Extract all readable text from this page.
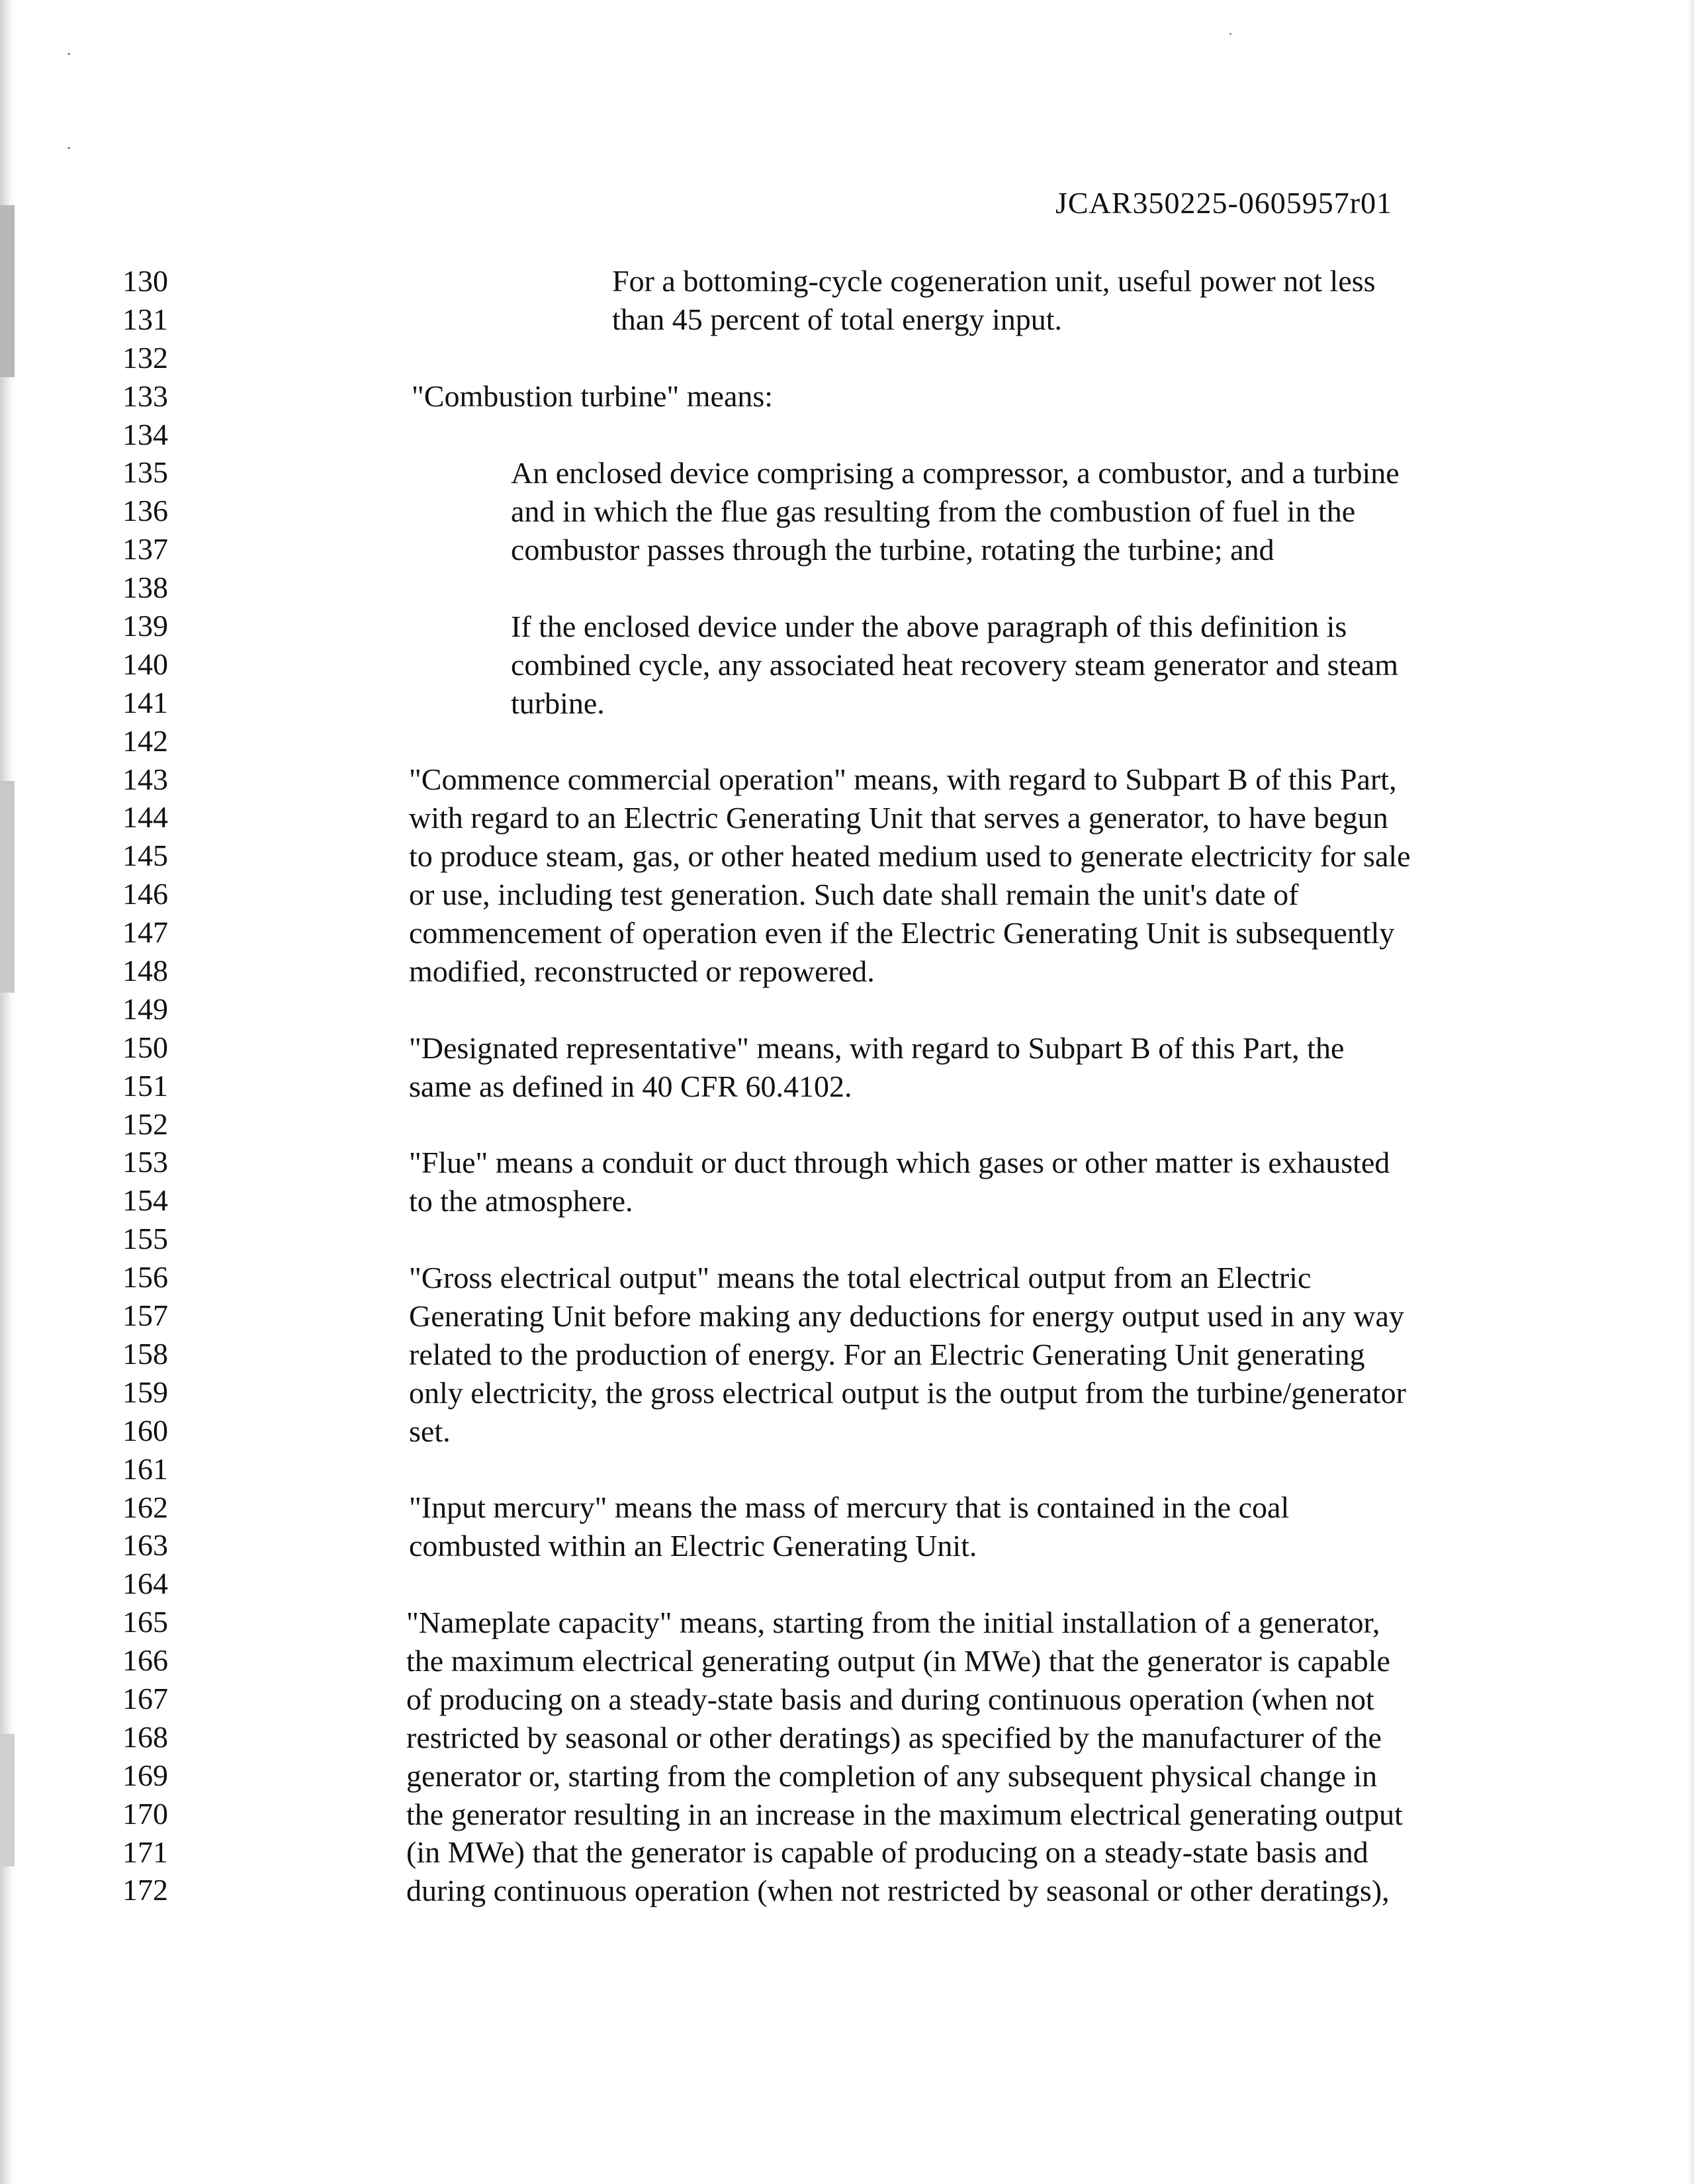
JCAR350225-0605957r01
130
131
132
133
134
135
136
137
138
139
140
141
142
143
144
145
146
147
148
149
150
151
152
153
154
155
156
157
158
159
160
161
162
163
164
165
166
167
168
169
170
171
172
For a bottoming-cycle cogeneration unit, useful power not less
than 45 percent of total energy input.
"Combustion turbine" means:
An enclosed device comprising a compressor, a combustor, and a turbine
and in which the flue gas resulting from the combustion of fuel in the
combustor passes through the turbine, rotating the turbine; and
If the enclosed device under the above paragraph of this definition is
combined cycle, any associated heat recovery steam generator and steam
turbine.
"Commence commercial operation" means, with regard to Subpart B of this Part,
with regard to an Electric Generating Unit that serves a generator, to have begun
to produce steam, gas, or other heated medium used to generate electricity for sale
or use, including test generation. Such date shall remain the unit's date of
commencement of operation even if the Electric Generating Unit is subsequently
modified, reconstructed or repowered.
"Designated representative" means, with regard to Subpart B of this Part, the
same as defined in 40 CFR 60.4102.
"Flue" means a conduit or duct through which gases or other matter is exhausted
to the atmosphere.
"Gross electrical output" means the total electrical output from an Electric
Generating Unit before making any deductions for energy output used in any way
related to the production of energy. For an Electric Generating Unit generating
only electricity, the gross electrical output is the output from the turbine/generator
set.
"Input mercury" means the mass of mercury that is contained in the coal
combusted within an Electric Generating Unit.
"Nameplate capacity" means, starting from the initial installation of a generator,
the maximum electrical generating output (in MWe) that the generator is capable
of producing on a steady-state basis and during continuous operation (when not
restricted by seasonal or other deratings) as specified by the manufacturer of the
generator or, starting from the completion of any subsequent physical change in
the generator resulting in an increase in the maximum electrical generating output
(in MWe) that the generator is capable of producing on a steady-state basis and
during continuous operation (when not restricted by seasonal or other deratings),
